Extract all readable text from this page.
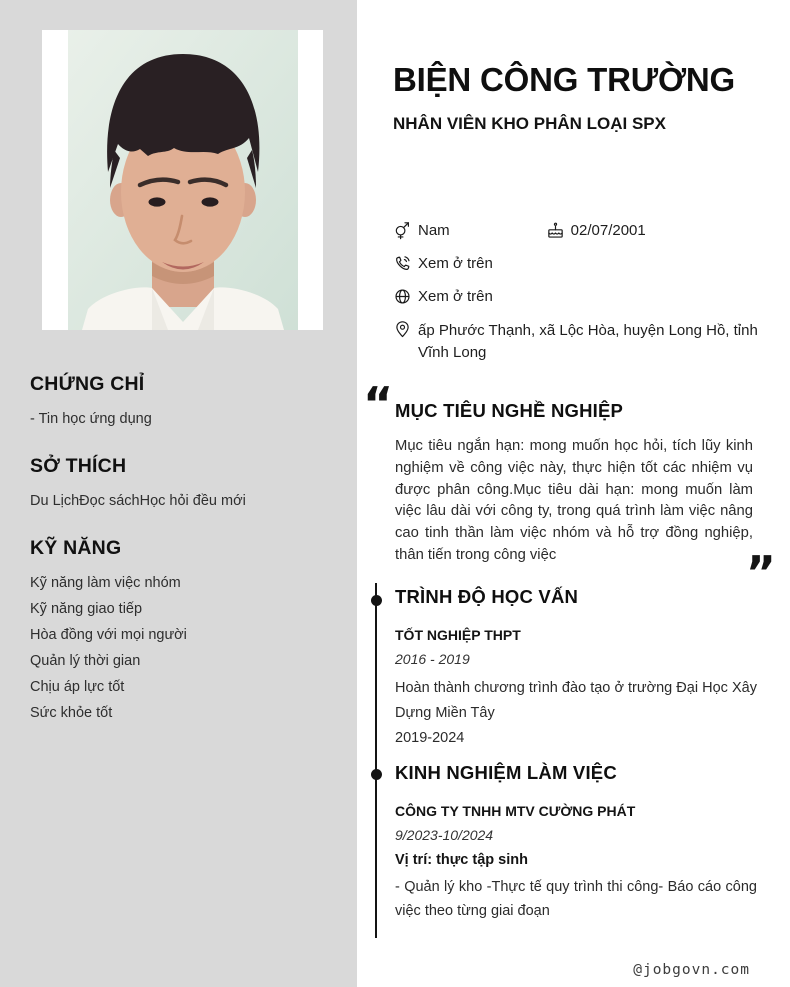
CHỨNG CHỈ
- Tin học ứng dụng
SỞ THÍCH
Du LịchĐọc sáchHọc hỏi đều mới
KỸ NĂNG
Kỹ năng làm việc nhóm
Kỹ năng giao tiếp
Hòa đồng với mọi người
Quản lý thời gian
Chịu áp lực tốt
Sức khỏe tốt
BIỆN CÔNG TRƯỜNG
NHÂN VIÊN KHO PHÂN LOẠI SPX
Nam	02/07/2001
Xem ở trên
Xem ở trên
ấp Phước Thạnh, xã Lộc Hòa, huyện Long Hồ, tỉnh Vĩnh Long
“ MỤC TIÊU NGHỀ NGHIỆP

Mục tiêu ngắn hạn: mong muốn học hỏi, tích lũy kinh nghiệm về công việc này, thực hiện tốt các nhiệm vụ được phân công.Mục tiêu dài hạn: mong muốn làm việc lâu dài với công ty, trong quá trình làm việc nâng cao tinh thần làm việc nhóm và hỗ trợ đồng nghiệp, thân tiến trong công việc	”
TRÌNH ĐỘ HỌC VẤN
TỐT NGHIỆP THPT
2016 - 2019
Hoàn thành chương trình đào tạo ở trường Đại Học Xây Dựng Miền Tây
2019-2024
KINH NGHIỆM LÀM VIỆC
CÔNG TY TNHH MTV CƯỜNG PHÁT
9/2023-10/2024
Vị trí: thực tập sinh
- Quản lý kho -Thực tế quy trình thi công- Báo cáo công việc theo từng giai đoạn
@jobgovn.com
